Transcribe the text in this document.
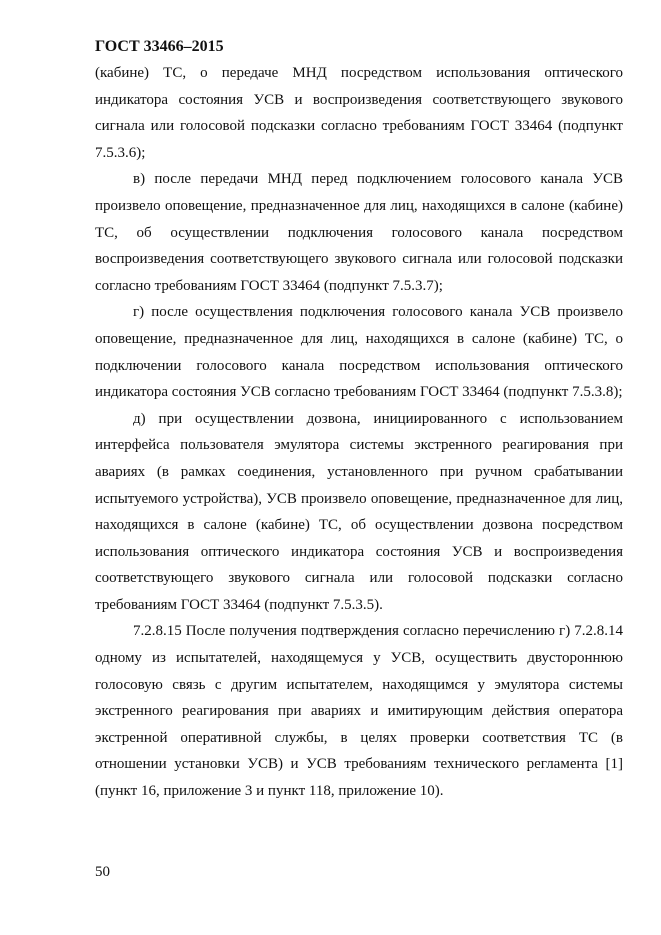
ГОСТ 33466–2015

(кабине) ТС, о передаче МНД посредством использования оптического индикатора состояния УСВ и воспроизведения соответствующего звукового сигнала или голосовой подсказки согласно требованиям ГОСТ 33464 (подпункт 7.5.3.6);

в) после передачи МНД перед подключением голосового канала УСВ произвело оповещение, предназначенное для лиц, находящихся в салоне (кабине) ТС, об осуществлении подключения голосового канала посредством воспроизведения соответствующего звукового сигнала или голосовой подсказки согласно требованиям ГОСТ 33464 (подпункт 7.5.3.7);

г) после осуществления подключения голосового канала УСВ произвело оповещение, предназначенное для лиц, находящихся в салоне (кабине) ТС, о подключении голосового канала посредством использования оптического индикатора состояния УСВ согласно требованиям ГОСТ 33464 (подпункт 7.5.3.8);

д) при осуществлении дозвона, инициированного с использованием интерфейса пользователя эмулятора системы экстренного реагирования при авариях (в рамках соединения, установленного при ручном срабатывании испытуемого устройства), УСВ произвело оповещение, предназначенное для лиц, находящихся в салоне (кабине) ТС, об осуществлении дозвона посредством использования оптического индикатора состояния УСВ и воспроизведения соответствующего звукового сигнала или голосовой подсказки согласно требованиям ГОСТ 33464 (подпункт 7.5.3.5).

7.2.8.15 После получения подтверждения согласно перечислению г) 7.2.8.14 одному из испытателей, находящемуся у УСВ, осуществить двустороннюю голосовую связь с другим испытателем, находящимся у эмулятора системы экстренного реагирования при авариях и имитирующим действия оператора экстренной оперативной службы, в целях проверки соответствия ТС (в отношении установки УСВ) и УСВ требованиям технического регламента [1] (пункт 16, приложение 3 и пункт 118, приложение 10).

50
